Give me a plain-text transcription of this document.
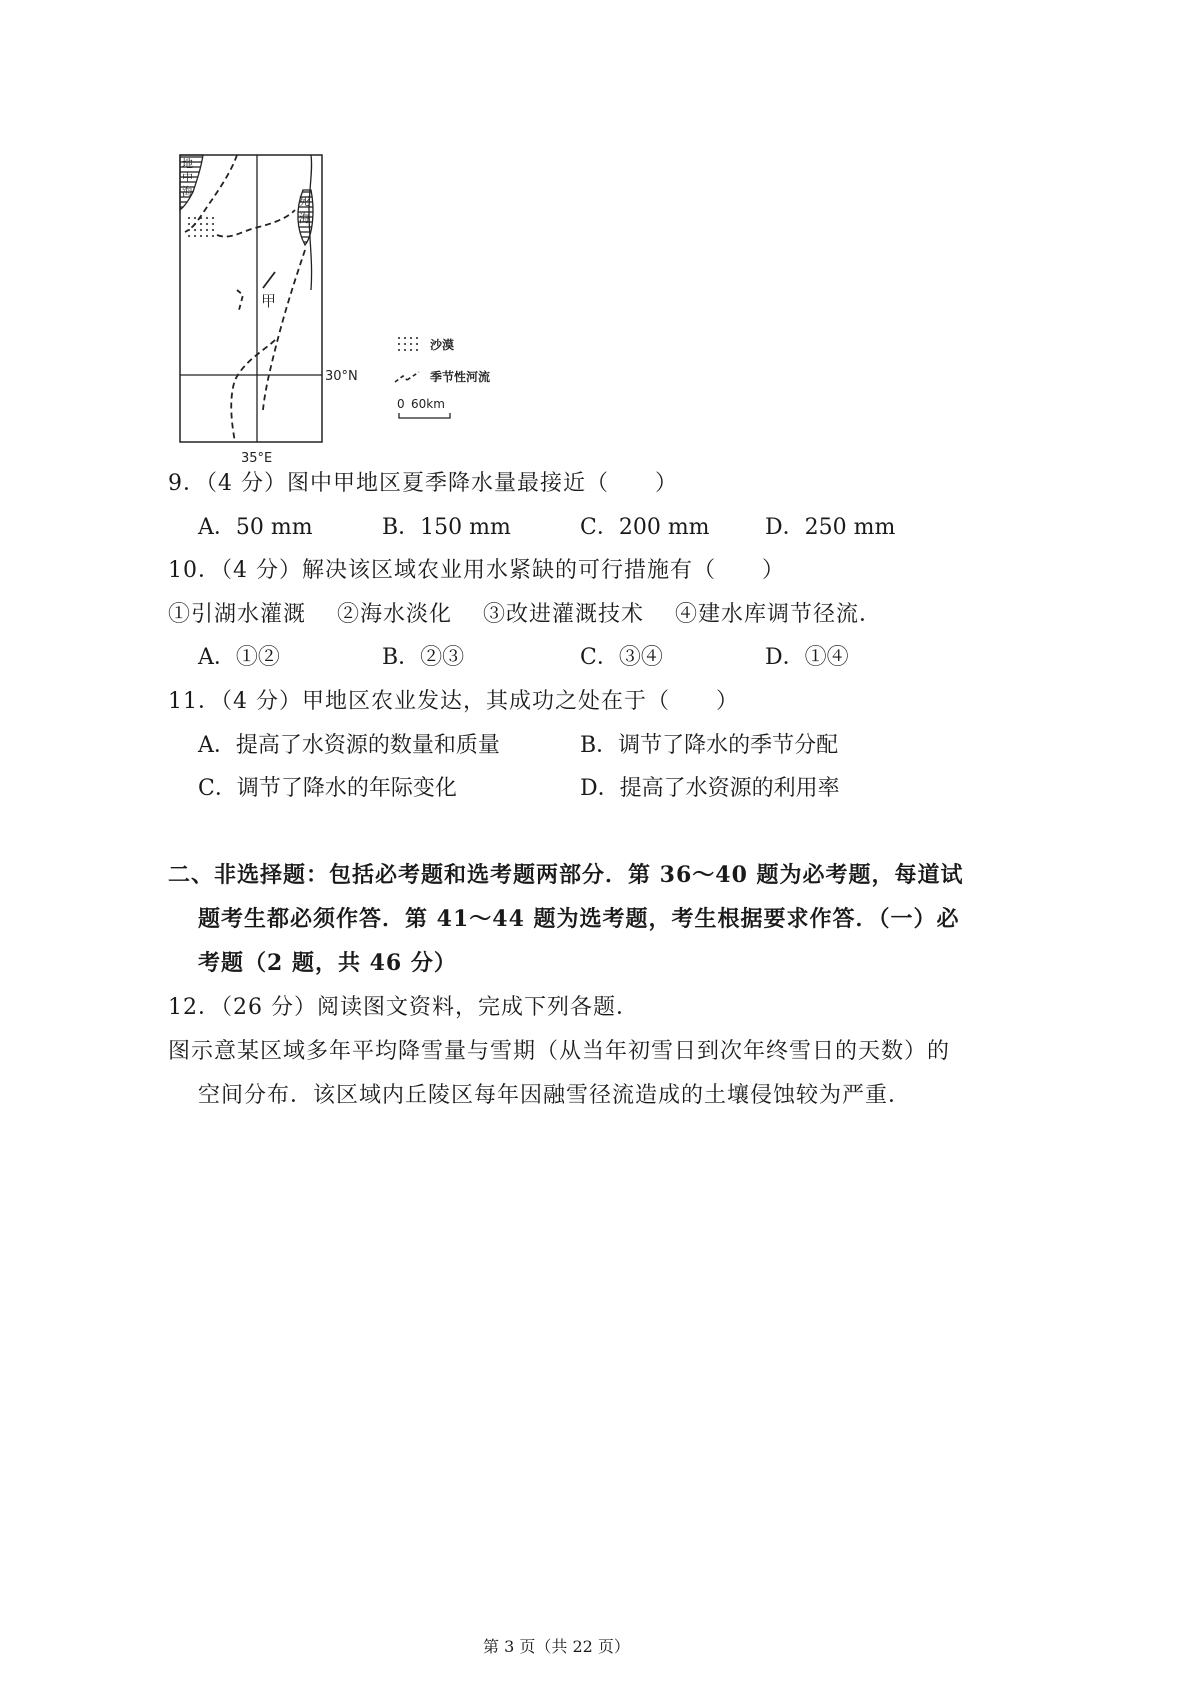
甲
地
中
海
死
海
30°N
35°E
沙漠
季节性河流
0 60km
9．（4 分）图中甲地区夏季降水量最接近（　　）
A．50 mm	B．150 mm	C．200 mm	D．250 mm
10．（4 分）解决该区域农业用水紧缺的可行措施有（　　）
①引湖水灌溉　 ②海水淡化　 ③改进灌溉技术　 ④建水库调节径流．
A．①②	B．②③	C．③④	D．①④
11．（4 分）甲地区农业发达，其成功之处在于（　　）
A．提高了水资源的数量和质量	B．调节了降水的季节分配
C．调节了降水的年际变化	D．提高了水资源的利用率
二、非选择题：包括必考题和选考题两部分．第 36～40 题为必考题，每道试
题考生都必须作答．第 41～44 题为选考题，考生根据要求作答．（一）必
考题（2 题，共 46 分）
12．（26 分）阅读图文资料，完成下列各题．
图示意某区域多年平均降雪量与雪期（从当年初雪日到次年终雪日的天数）的
空间分布．该区域内丘陵区每年因融雪径流造成的土壤侵蚀较为严重．
第 3 页（共 22 页）
